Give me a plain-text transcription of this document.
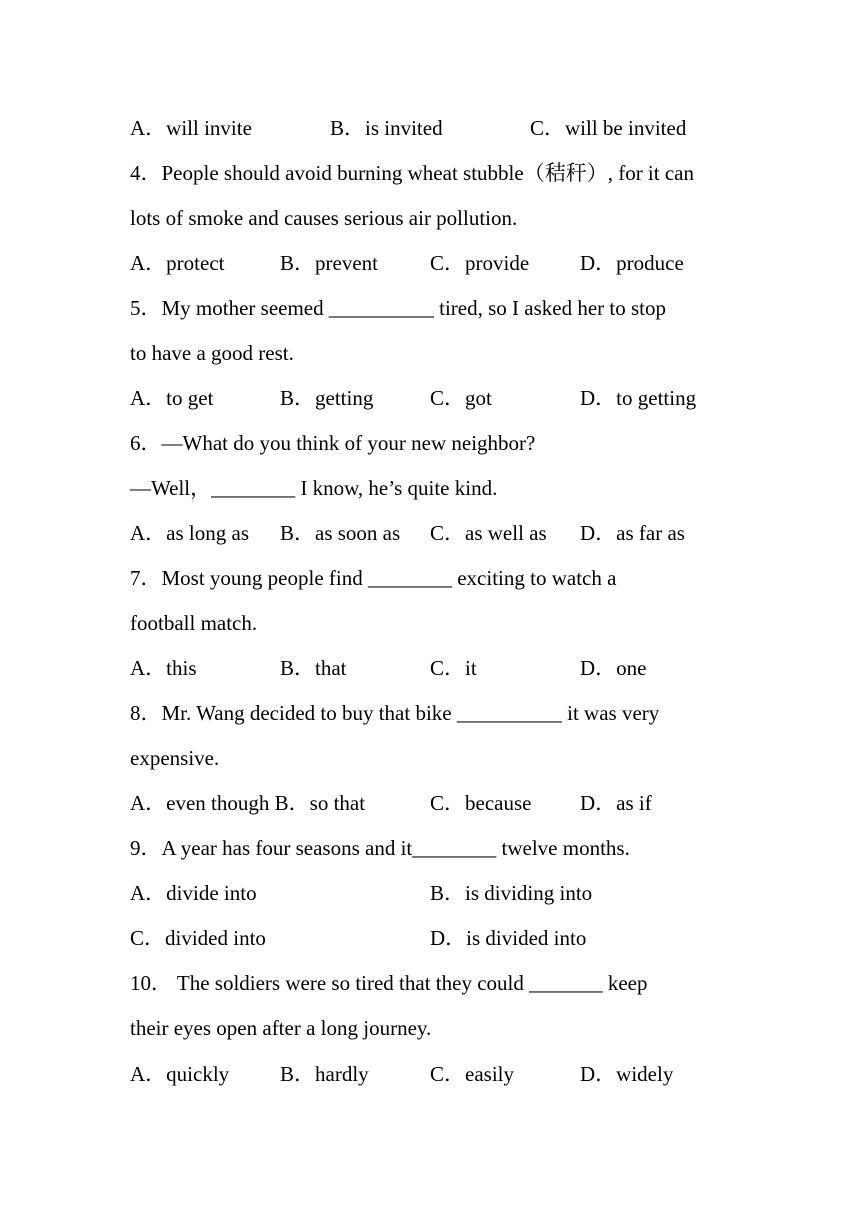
A．will invite	B．is invited	C．will be invited
4．People should avoid burning wheat stubble（秸秆）, for it can
lots of smoke and causes serious air pollution.
A．protect	B．prevent C．provide D．produce
5．My mother seemed __________ tired, so I asked her to stop
to have a good rest.
A．to get	B．getting	C．got	D．to getting
6．—What do you think of your new neighbor?
—Well，________ I know, he’s quite kind.
A．as long as B．as soon as C．as well as D．as far as
7．Most young people find ________ exciting to watch a
football match.
A．this	B．that	C．it	D．one
8．Mr. Wang decided to buy that bike __________ it was very
expensive.
A．even though B．so that	C．because D．as if
9．A year has four seasons and it________ twelve months.
A．divide into	B．is dividing into
C．divided into	D．is divided into
10． The soldiers were so tired that they could _______ keep
their eyes open after a long journey.
A．quickly B．hardly	C．easily	D．widely
